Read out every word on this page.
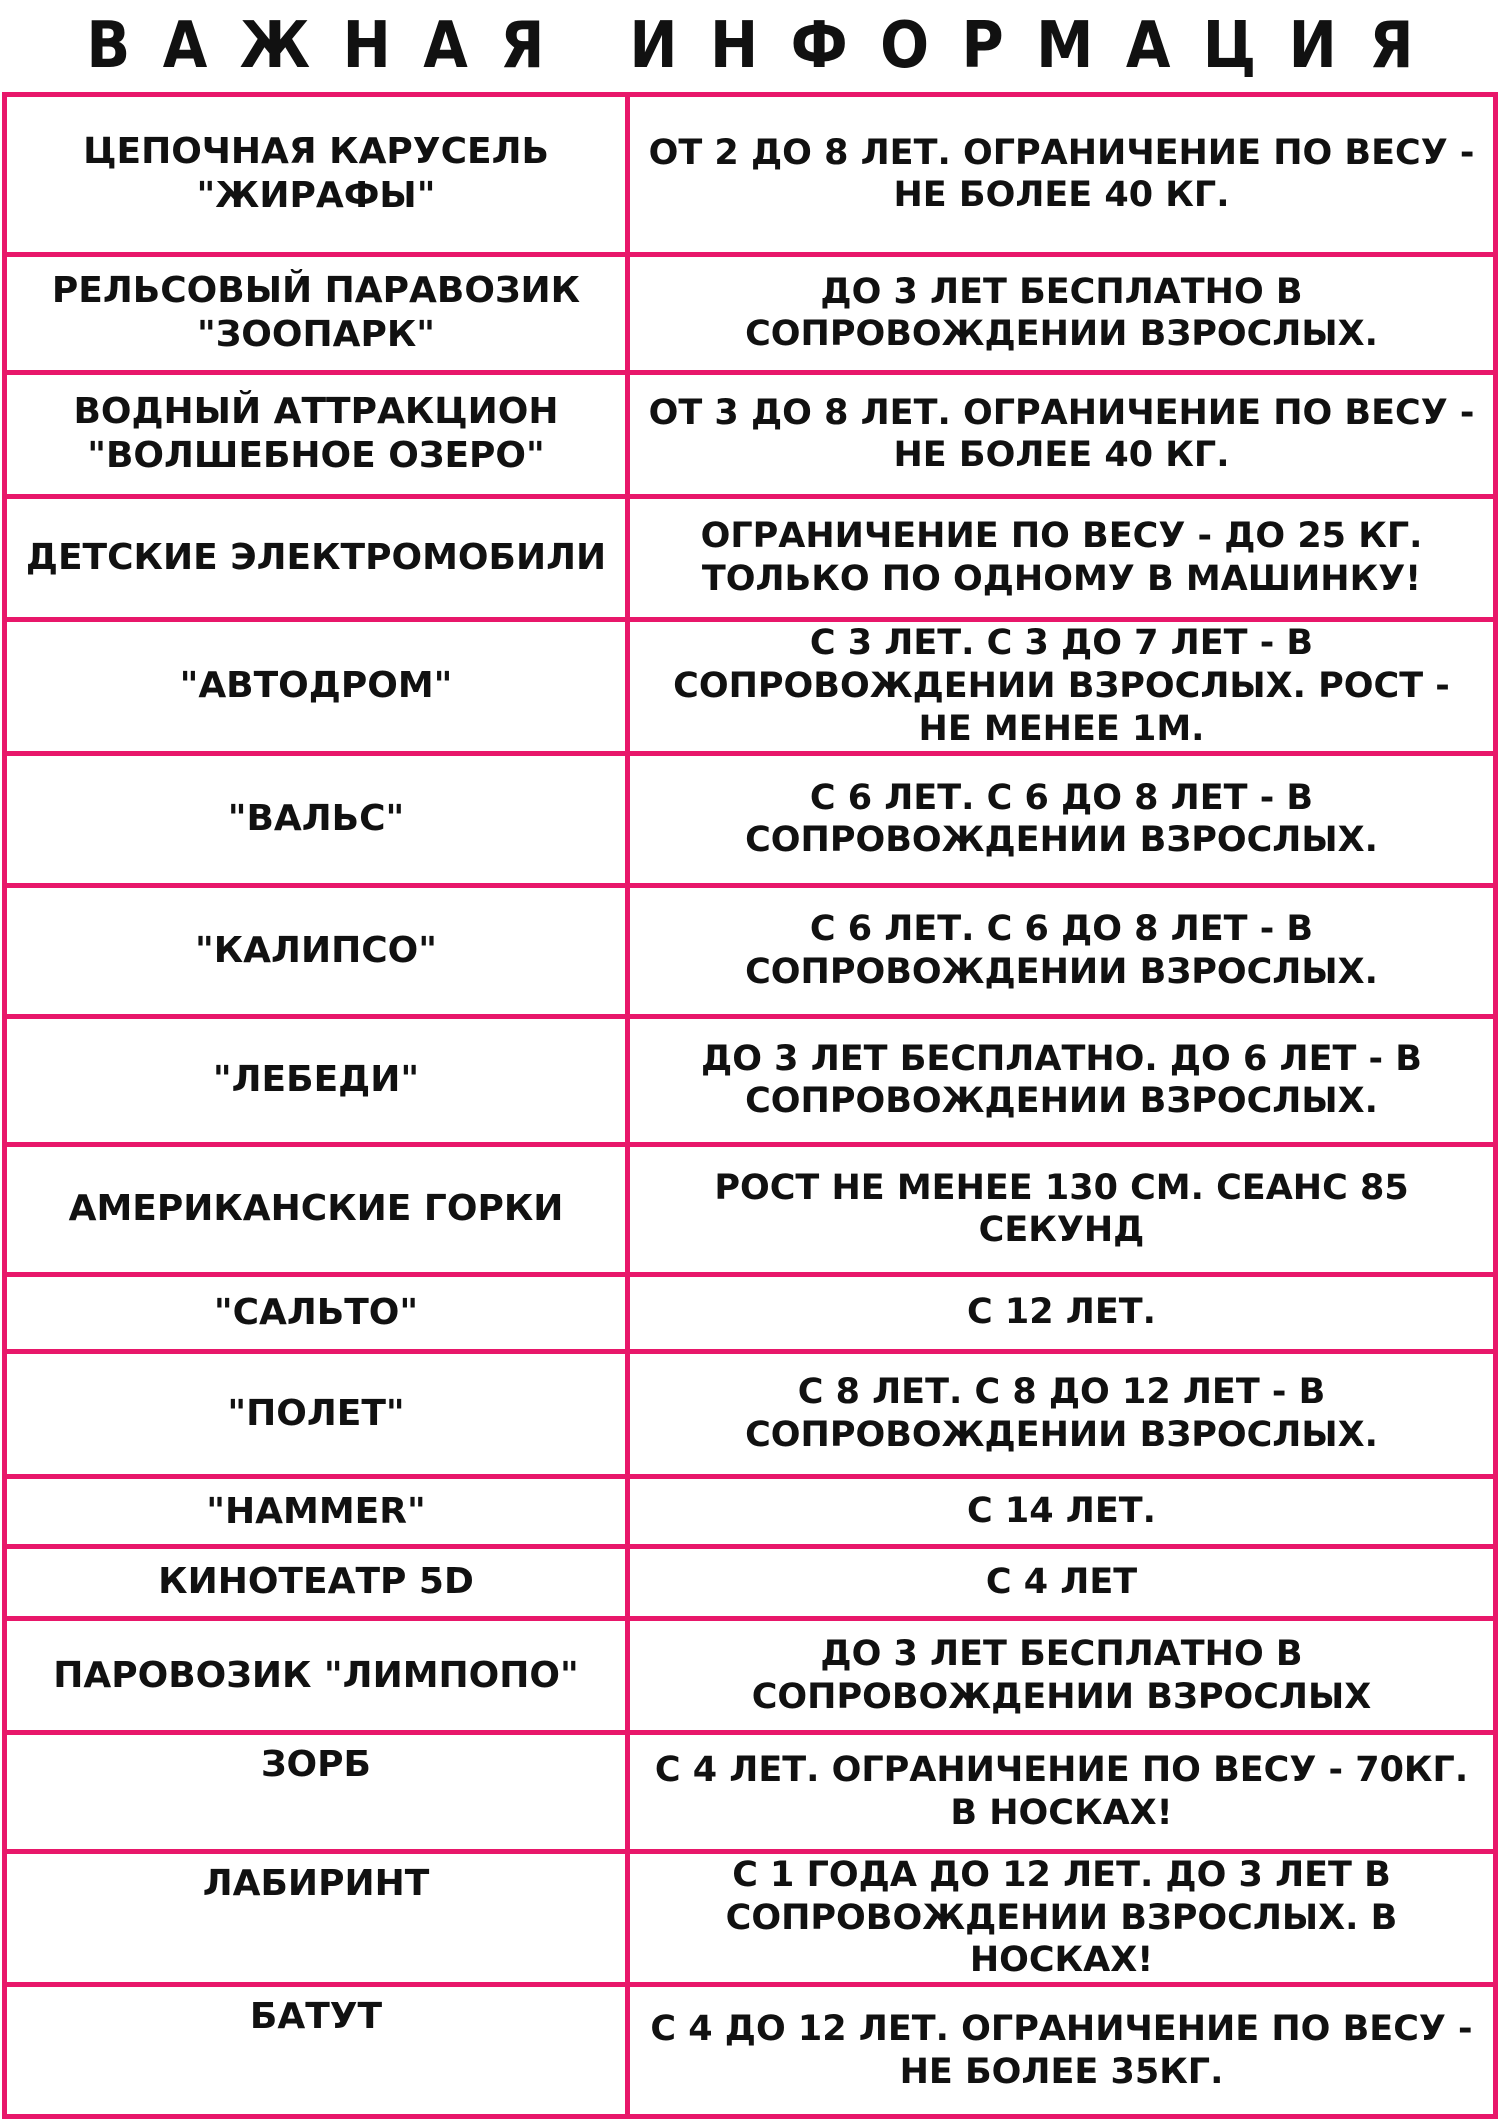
ВАЖНАЯ ИНФОРМАЦИЯ
ЦЕПОЧНАЯ КАРУСЕЛЬ "ЖИРАФЫ"	ОТ 2 ДО 8 ЛЕТ. ОГРАНИЧЕНИЕ ПО ВЕСУ - НЕ БОЛЕЕ 40 КГ.
РЕЛЬСОВЫЙ ПАРАВОЗИК "ЗООПАРК"	ДО 3 ЛЕТ БЕСПЛАТНО В СОПРОВОЖДЕНИИ ВЗРОСЛЫХ.
ВОДНЫЙ АТТРАКЦИОН "ВОЛШЕБНОЕ ОЗЕРО"	ОТ 3 ДО 8 ЛЕТ. ОГРАНИЧЕНИЕ ПО ВЕСУ - НЕ БОЛЕЕ 40 КГ.
ДЕТСКИЕ ЭЛЕКТРОМОБИЛИ	ОГРАНИЧЕНИЕ ПО ВЕСУ - ДО 25 КГ. ТОЛЬКО ПО ОДНОМУ В МАШИНКУ!
"АВТОДРОМ"	С 3 ЛЕТ. С 3 ДО 7 ЛЕТ - В СОПРОВОЖДЕНИИ ВЗРОСЛЫХ. РОСТ - НЕ МЕНЕЕ 1М.
"ВАЛЬС"	С 6 ЛЕТ. С 6 ДО 8 ЛЕТ - В СОПРОВОЖДЕНИИ ВЗРОСЛЫХ.
"КАЛИПСО"	С 6 ЛЕТ. С 6 ДО 8 ЛЕТ - В СОПРОВОЖДЕНИИ ВЗРОСЛЫХ.
"ЛЕБЕДИ"	ДО 3 ЛЕТ БЕСПЛАТНО. ДО 6 ЛЕТ - В СОПРОВОЖДЕНИИ ВЗРОСЛЫХ.
АМЕРИКАНСКИЕ ГОРКИ	РОСТ НЕ МЕНЕЕ 130 СМ. СЕАНС 85 СЕКУНД
"САЛЬТО"	С 12 ЛЕТ.
"ПОЛЕТ"	С 8 ЛЕТ. С 8 ДО 12 ЛЕТ - В СОПРОВОЖДЕНИИ ВЗРОСЛЫХ.
"HAMMER"	С 14 ЛЕТ.
КИНОТЕАТР 5D	С 4 ЛЕТ
ПАРОВОЗИК "ЛИМПОПО"	ДО 3 ЛЕТ БЕСПЛАТНО В СОПРОВОЖДЕНИИ ВЗРОСЛЫХ
ЗОРБ	С 4 ЛЕТ. ОГРАНИЧЕНИЕ ПО ВЕСУ - 70КГ. В НОСКАХ!
ЛАБИРИНТ	С 1 ГОДА ДО 12 ЛЕТ. ДО 3 ЛЕТ В СОПРОВОЖДЕНИИ ВЗРОСЛЫХ. В НОСКАХ!
БАТУТ	С 4 ДО 12 ЛЕТ. ОГРАНИЧЕНИЕ ПО ВЕСУ - НЕ БОЛЕЕ 35КГ.
